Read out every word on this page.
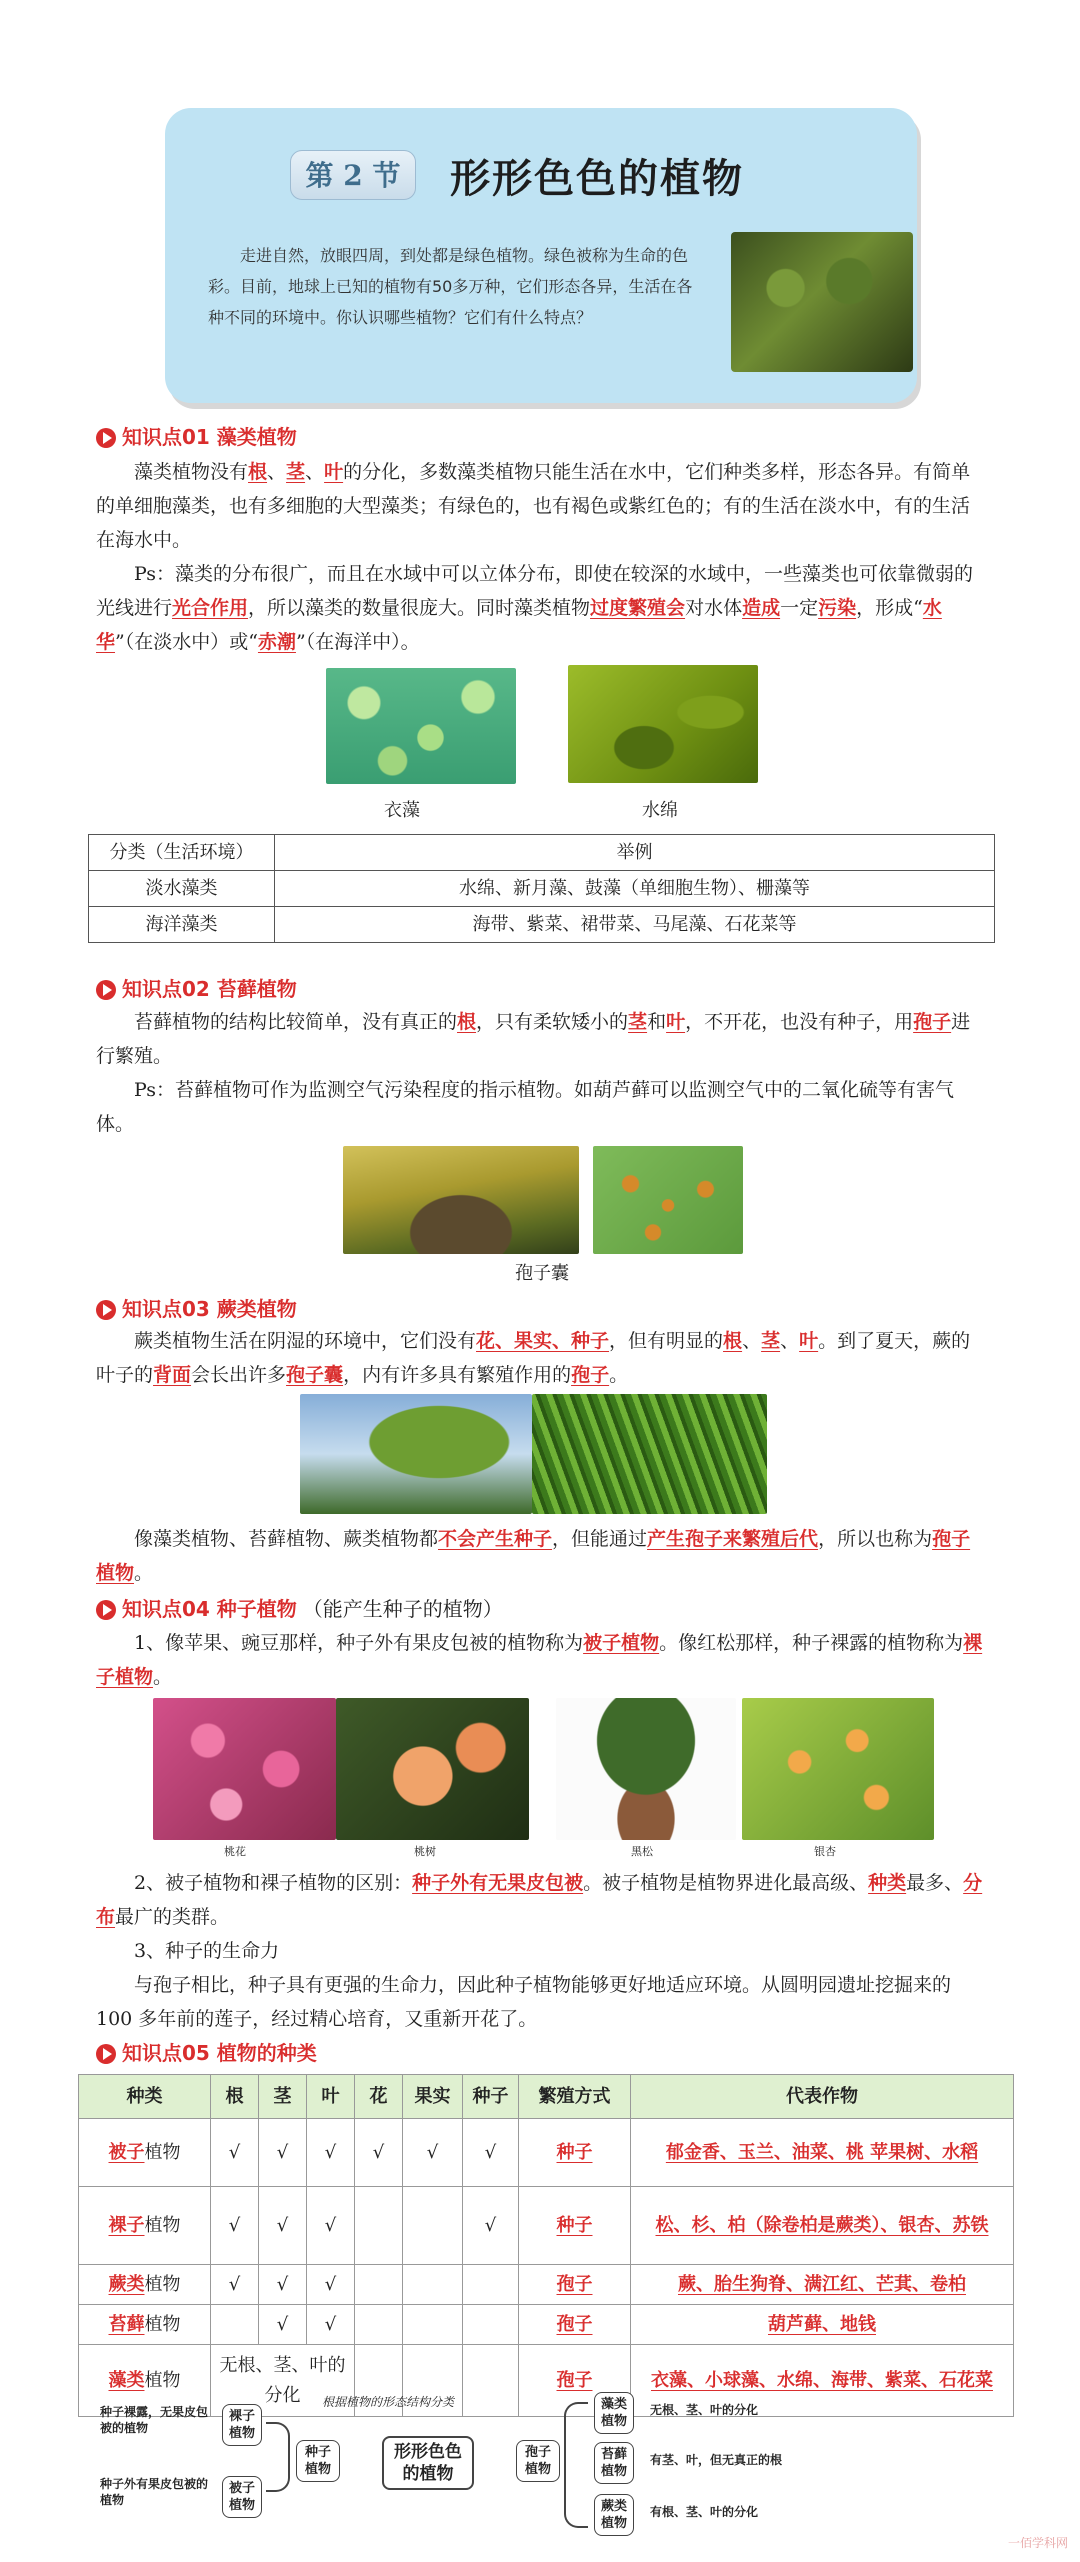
第 2 节	形形色色的植物
走进自然，放眼四周，到处都是绿色植物。绿色被称为生命的色彩。目前，地球上已知的植物有50多万种，它们形态各异，生活在各种不同的环境中。你认识哪些植物？它们有什么特点？
知识点01 藻类植物
藻类植物没有根、茎、叶的分化，多数藻类植物只能生活在水中，它们种类多样，形态各异。有简单的单细胞藻类，也有多细胞的大型藻类；有绿色的，也有褐色或紫红色的；有的生活在淡水中，有的生活在海水中。
Ps：藻类的分布很广，而且在水域中可以立体分布，即使在较深的水域中，一些藻类也可依靠微弱的光线进行光合作用，所以藻类的数量很庞大。同时藻类植物过度繁殖会对水体造成一定污染，形成“水华”（在淡水中）或“赤潮”（在海洋中）。
衣藻	水绵
分类（生活环境）	举例
淡水藻类	水绵、新月藻、鼓藻（单细胞生物）、栅藻等
海洋藻类	海带、紫菜、裙带菜、马尾藻、石花菜等
知识点02 苔藓植物
苔藓植物的结构比较简单，没有真正的根，只有柔软矮小的茎和叶，不开花，也没有种子，用孢子进行繁殖。
Ps：苔藓植物可作为监测空气污染程度的指示植物。如葫芦藓可以监测空气中的二氧化硫等有害气体。
孢子囊
知识点03 蕨类植物
蕨类植物生活在阴湿的环境中，它们没有花、果实、种子，但有明显的根、茎、叶。到了夏天，蕨的叶子的背面会长出许多孢子囊，内有许多具有繁殖作用的孢子。
像藻类植物、苔藓植物、蕨类植物都不会产生种子，但能通过产生孢子来繁殖后代，所以也称为孢子植物。
知识点04 种子植物 （能产生种子的植物）
1、像苹果、豌豆那样，种子外有果皮包被的植物称为被子植物。像红松那样，种子裸露的植物称为裸子植物。
桃花	桃树	黑松	银杏
2、被子植物和裸子植物的区别：种子外有无果皮包被。被子植物是植物界进化最高级、种类最多、分布最广的类群。
3、种子的生命力
与孢子相比，种子具有更强的生命力，因此种子植物能够更好地适应环境。从圆明园遗址挖掘来的 100 多年前的莲子，经过精心培育，又重新开花了。
知识点05 植物的种类
种类	根	茎	叶	花	果实	种子	繁殖方式	代表作物
被子植物	√	√	√	√	√	√	种子	郁金香、玉兰、油菜、桃 苹果树、水稻
裸子植物	√	√	√			√	种子	松、杉、柏（除卷柏是蕨类）、银杏、苏铁
蕨类植物	√	√	√				孢子	蕨、胎生狗脊、满江红、芒萁、卷柏
苔藓植物		√	√				孢子	葫芦藓、地钱
藻类植物	无根、茎、叶的分化						孢子	衣藻、小球藻、水绵、海带、紫菜、石花菜
种子裸露，无果皮包被的植物
种子外有果皮包被的植物
裸子植物
被子植物
种子植物
根据植物的形态结构分类
形形色色的植物
孢子植物
藻类植物
苔藓植物
蕨类植物
无根、茎、叶的分化
有茎、叶，但无真正的根
有根、茎、叶的分化
一佰学科网
